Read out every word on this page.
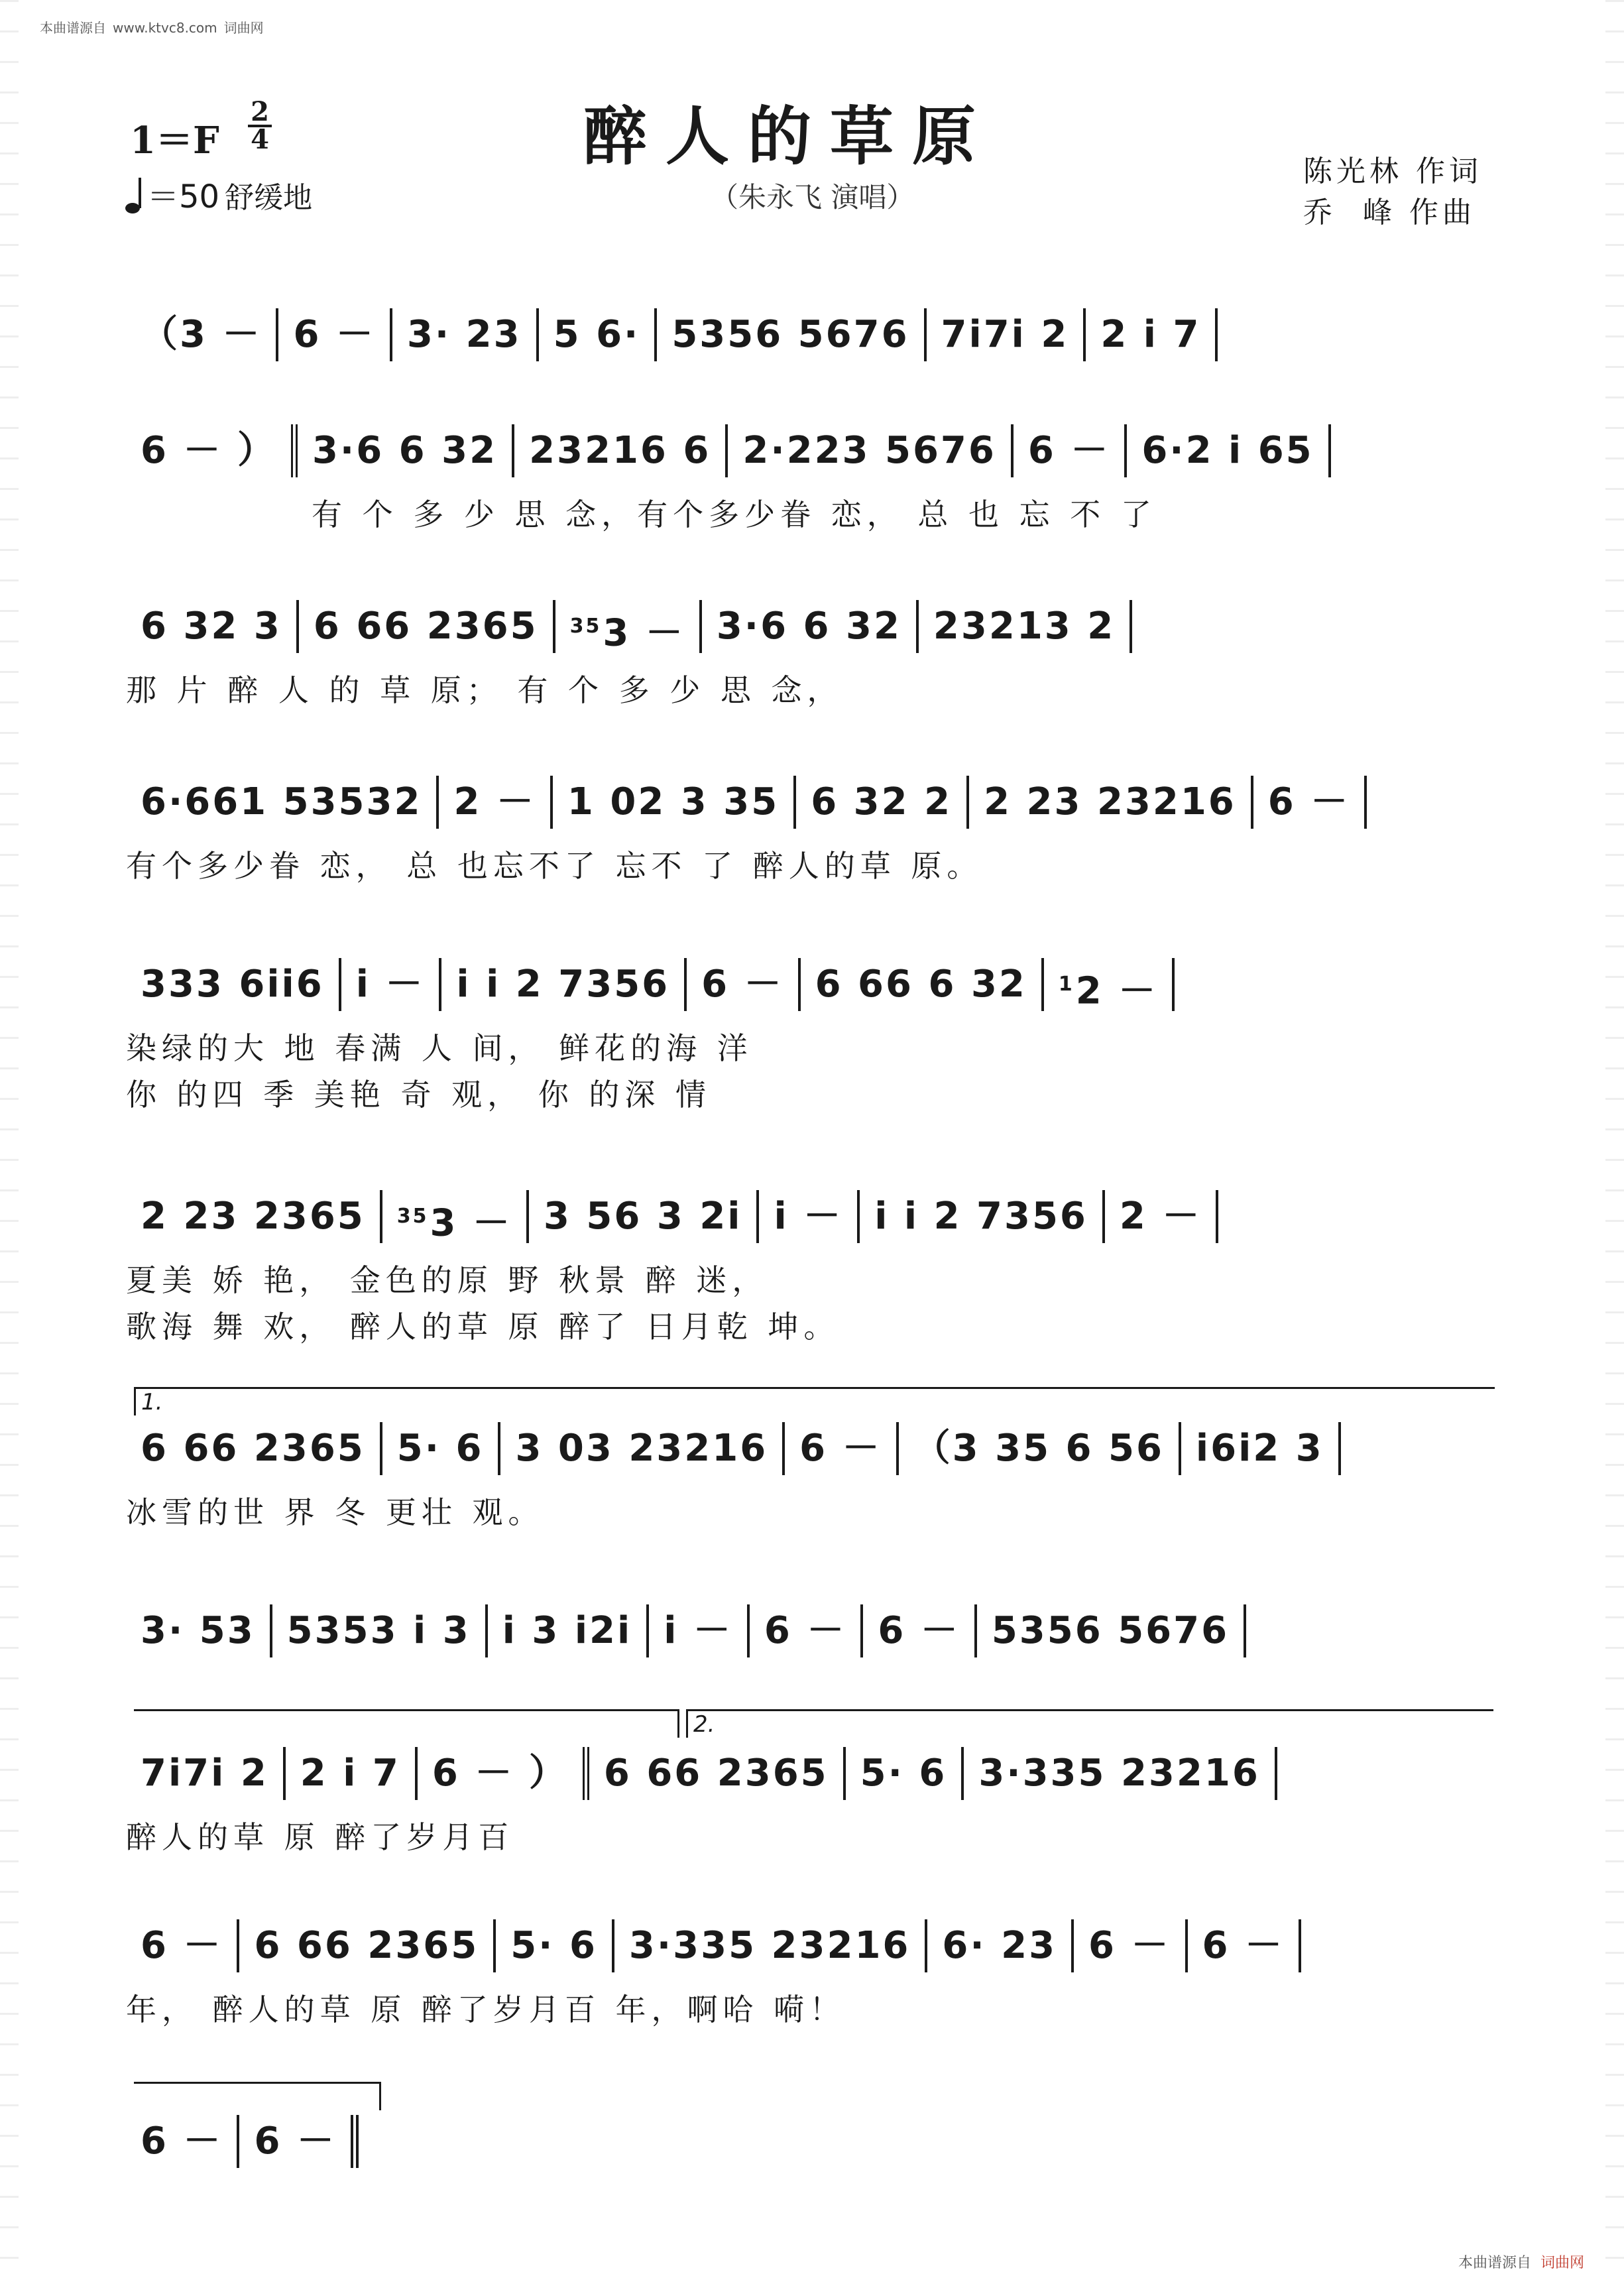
本曲谱源自 www.ktvc8.com 词曲网
1＝F
2
4
＝50 舒缓地
醉人的草原
（朱永飞 演唱）
陈光林 作词
乔  峰 作曲
（3 － 6 － 3· 23 5 6· 5356 5676 7i7i 2 2 i 7
6 － ） 3·6 6 32 23216 6 2·223 5676 6 － 6·2 i 65
有 个 多 少 思 念，有个多少眷 恋， 总 也 忘 不 了
6 32 3 6 66 2365	$^{35}$3 － 3·6 6 32 23213 2
那 片 醉 人 的 草 原； 有 个 多 少 思 念，
6·661 53532 2 － 1 02 3 35 6 32 2 2 23 23216 6 －
有个多少眷 恋， 总 也忘不了 忘不 了 醉人的草 原。
333 6ii6 i － i i 2 7356 6 － 6 66 6 32	$^1$2 －
染绿的大 地 春满 人 间， 鲜花的海 洋
你 的四 季 美艳 奇 观， 你 的深 情
2 23 2365	$^{35}$3 － 3 56 3 2i i － i i 2 7356 2 －
夏美 娇 艳， 金色的原 野 秋景 醉 迷，
歌海 舞 欢， 醉人的草 原 醉了 日月乾 坤。
1.
6 66 2365 5· 6 3 03 23216 6 － （3 35 6 56 i6i2 3
冰雪的世 界 冬 更壮 观。
3· 53 5353 i 3 i 3 i2i i － 6 － 6 － 5356 5676
2.
7i7i 2 2 i 7 6 － ） 6 66 2365 5· 6 3·335 23216
醉人的草 原 醉了岁月百
6 － 6 66 2365 5· 6 3·335 23216 6· 23 6 － 6 －
年， 醉人的草 原 醉了岁月百 年，啊哈 嗬！
6 － 6 －
本曲谱源自 词曲网
